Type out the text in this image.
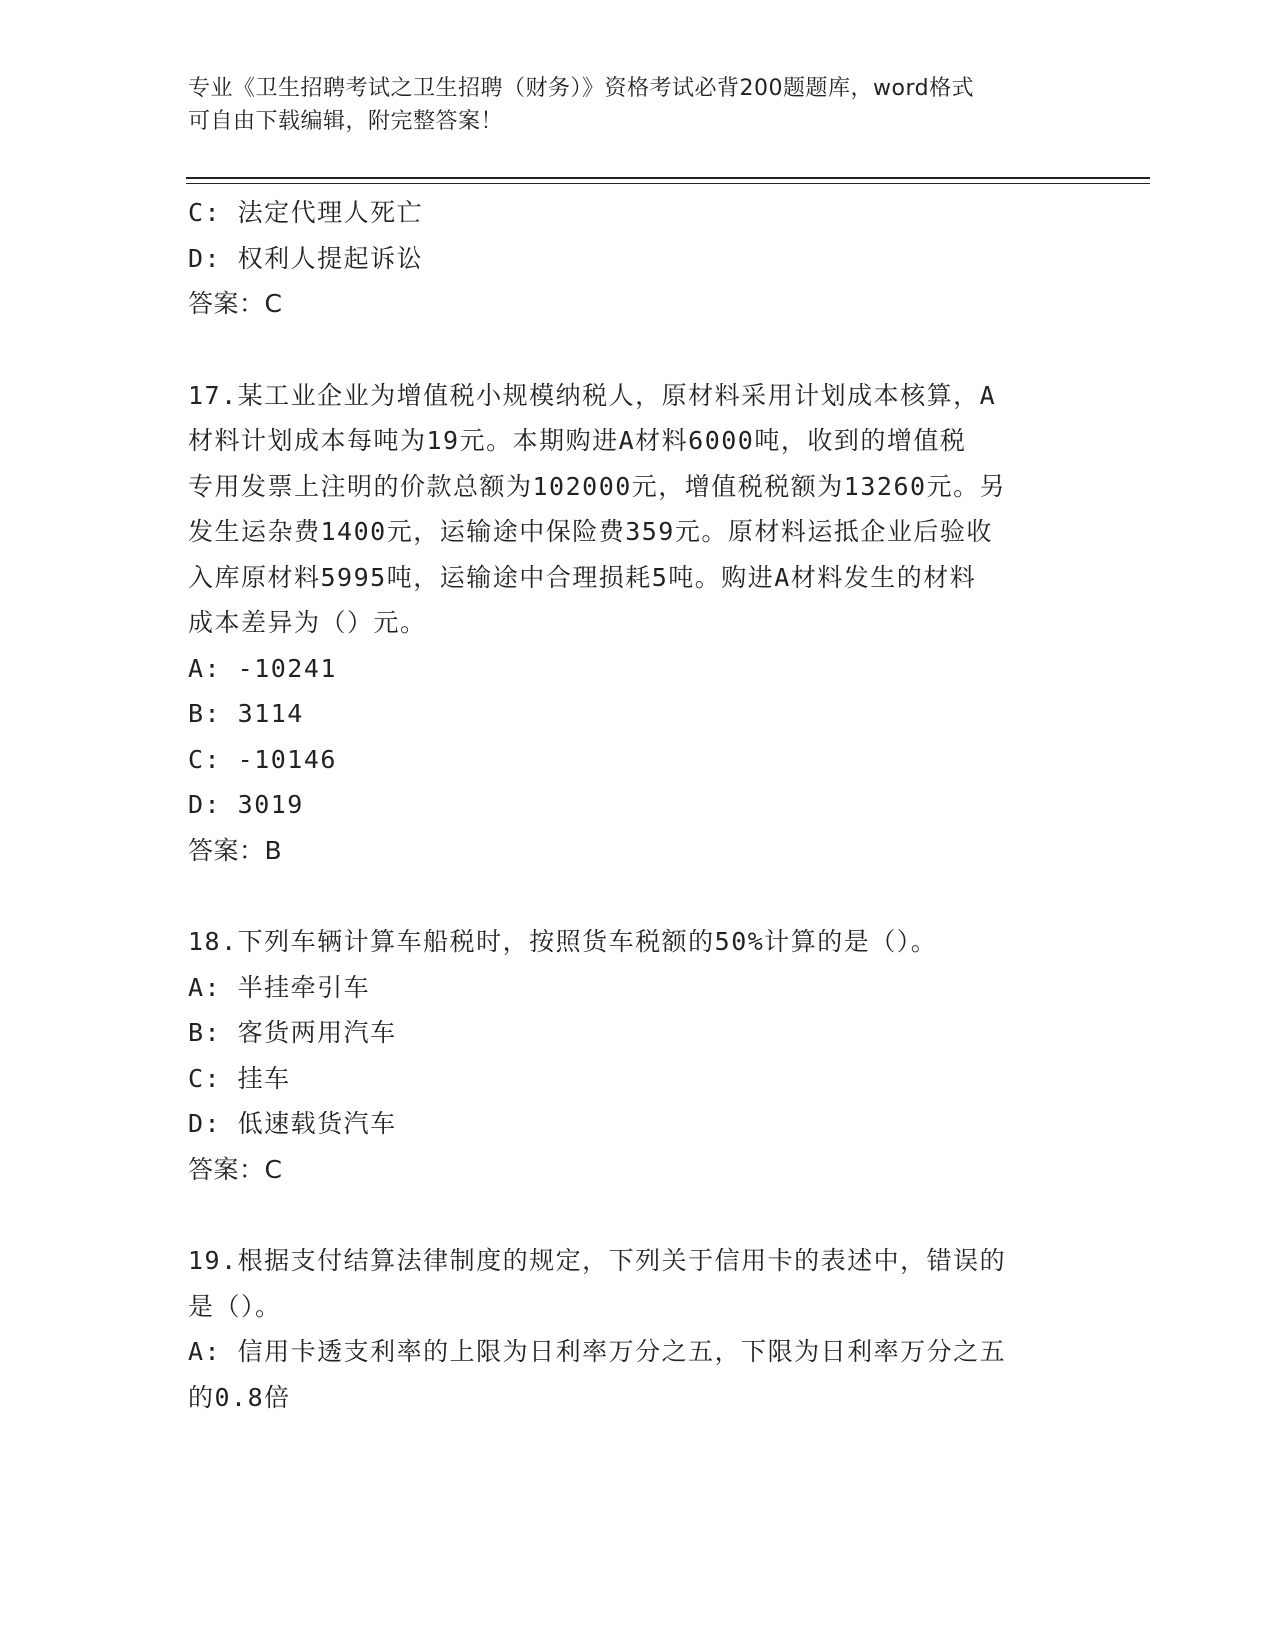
专业《卫生招聘考试之卫生招聘（财务）》资格考试必背200题题库，word格式
可自由下载编辑，附完整答案！
C: 法定代理人死亡
D: 权利人提起诉讼
答案：C
17.某工业企业为增值税小规模纳税人，原材料采用计划成本核算，A
材料计划成本每吨为19元。本期购进A材料6000吨，收到的增值税
专用发票上注明的价款总额为102000元，增值税税额为13260元。另
发生运杂费1400元，运输途中保险费359元。原材料运抵企业后验收
入库原材料5995吨，运输途中合理损耗5吨。购进A材料发生的材料
成本差异为（）元。
A: -10241
B: 3114
C: -10146
D: 3019
答案：B
18.下列车辆计算车船税时，按照货车税额的50%计算的是（）。
A: 半挂牵引车
B: 客货两用汽车
C: 挂车
D: 低速载货汽车
答案：C
19.根据支付结算法律制度的规定，下列关于信用卡的表述中，错误的
是（）。
A: 信用卡透支利率的上限为日利率万分之五，下限为日利率万分之五
的0.8倍
